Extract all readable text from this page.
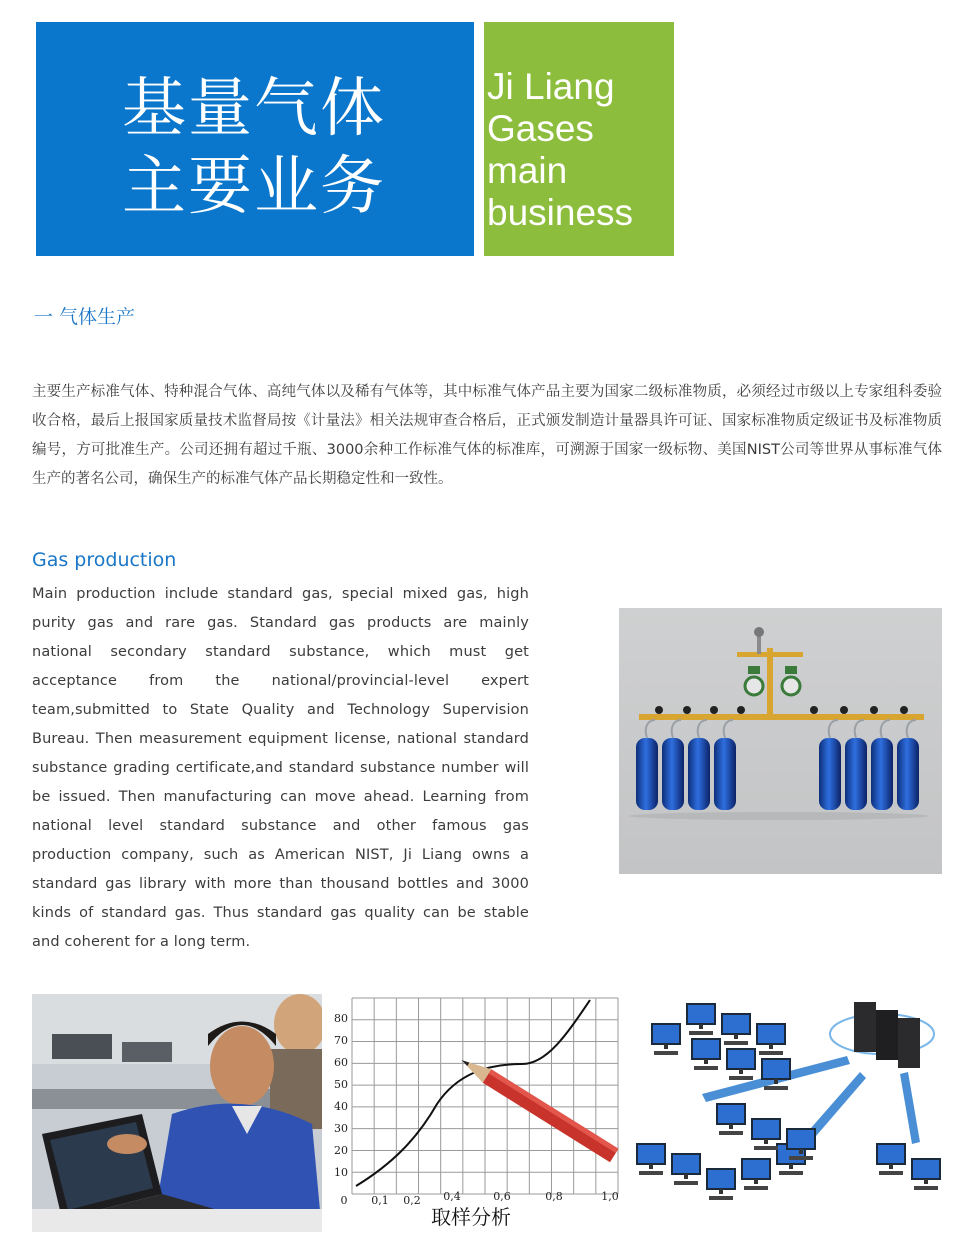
基量气体
主要业务
Ji Liang
Gases
main
business
一 气体生产

主要生产标准气体、特种混合气体、高纯气体以及稀有气体等，其中标准气体产品主要为国家二级标准物质，必须经过市级以上专家组科委验收合格，最后上报国家质量技术监督局按《计量法》相关法规审查合格后，正式颁发制造计量器具许可证、国家标准物质定级证书及标准物质编号，方可批准生产。公司还拥有超过千瓶、3000余种工作标准气体的标准库，可溯源于国家一级标物、美国NIST公司等世界从事标准气体生产的著名公司，确保生产的标准气体产品长期稳定性和一致性。

Gas production

Main production include standard gas, special mixed gas, high purity gas and rare gas. Standard gas products are mainly national secondary standard substance, which must get acceptance from the national/provincial-level expert team,submitted to State Quality and Technology Supervision Bureau. Then measurement equipment license, national standard substance grading certificate,and standard substance number will be issued. Then manufacturing can move ahead. Learning from national level standard substance and other famous gas production company, such as American NIST, Ji Liang owns a standard gas library with more than thousand bottles and 3000 kinds of standard gas. Thus standard gas quality can be stable and coherent for a long term.

10
20
30
40
50
60
70
80
0 0,1 0,2 0,4	0,6	0,8	1,0
取样分析
